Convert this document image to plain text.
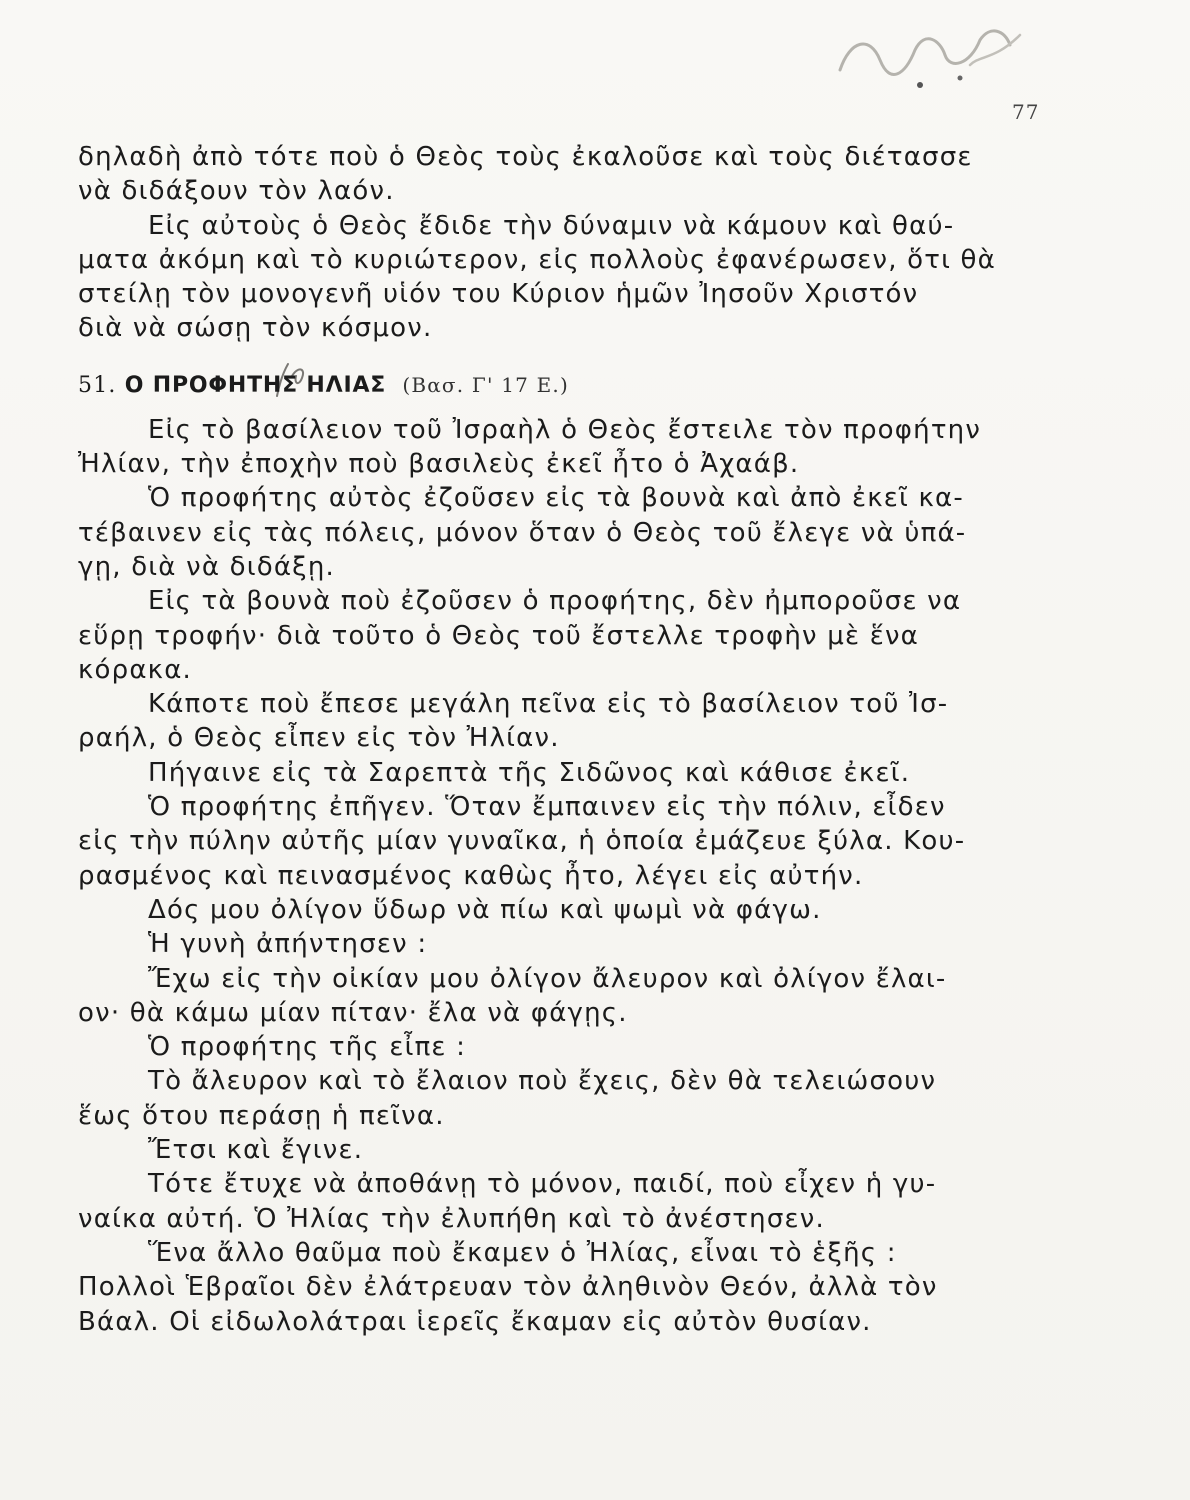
77
δηλαδὴ ἀπὸ τότε ποὺ ὁ Θεὸς τοὺς ἐκαλοῦσε καὶ τοὺς διέτασσε
νὰ διδάξουν τὸν λαόν.
Εἰς αὐτοὺς ὁ Θεὸς ἔδιδε τὴν δύναμιν νὰ κάμουν καὶ θαύ-
ματα ἀκόμη καὶ τὸ κυριώτερον, εἰς πολλοὺς ἐφανέρωσεν, ὅτι θὰ
στείλῃ τὸν μονογενῆ υἱόν του Κύριον ἡμῶν Ἰησοῦν Χριστόν
διὰ νὰ σώσῃ τὸν κόσμον.
51. Ο ΠΡΟΦΗΤΗΣ ΗΛΙΑΣ (Βασ. Γ' 17 Ε.)
Εἰς τὸ βασίλειον τοῦ Ἰσραὴλ ὁ Θεὸς ἔστειλε τὸν προφήτην
Ἠλίαν, τὴν ἐποχὴν ποὺ βασιλεὺς ἐκεῖ ἦτο ὁ Ἀχαάβ.
Ὁ προφήτης αὐτὸς ἐζοῦσεν εἰς τὰ βουνὰ καὶ ἀπὸ ἐκεῖ κα-
τέβαινεν εἰς τὰς πόλεις, μόνον ὅταν ὁ Θεὸς τοῦ ἔλεγε νὰ ὑπά-
γῃ, διὰ νὰ διδάξῃ.
Εἰς τὰ βουνὰ ποὺ ἐζοῦσεν ὁ προφήτης, δὲν ἠμποροῦσε να
εὕρῃ τροφήν· διὰ τοῦτο ὁ Θεὸς τοῦ ἔστελλε τροφὴν μὲ ἕνα
κόρακα.
Κάποτε ποὺ ἔπεσε μεγάλη πεῖνα εἰς τὸ βασίλειον τοῦ Ἰσ-
ραήλ, ὁ Θεὸς εἶπεν εἰς τὸν Ἠλίαν.
Πήγαινε εἰς τὰ Σαρεπτὰ τῆς Σιδῶνος καὶ κάθισε ἐκεῖ.
Ὁ προφήτης ἐπῆγεν. Ὅταν ἔμπαινεν εἰς τὴν πόλιν, εἶδεν
εἰς τὴν πύλην αὐτῆς μίαν γυναῖκα, ἡ ὁποία ἐμάζευε ξύλα. Κου-
ρασμένος καὶ πεινασμένος καθὼς ἦτο, λέγει εἰς αὐτήν.
Δός μου ὀλίγον ὕδωρ νὰ πίω καὶ ψωμὶ νὰ φάγω.
Ἡ γυνὴ ἀπήντησεν :
Ἔχω εἰς τὴν οἰκίαν μου ὀλίγον ἄλευρον καὶ ὀλίγον ἔλαι-
ον· θὰ κάμω μίαν πίταν· ἔλα νὰ φάγῃς.
Ὁ προφήτης τῆς εἶπε :
Τὸ ἄλευρον καὶ τὸ ἔλαιον ποὺ ἔχεις, δὲν θὰ τελειώσουν
ἕως ὅτου περάσῃ ἡ πεῖνα.
Ἔτσι καὶ ἔγινε.
Τότε ἔτυχε νὰ ἀποθάνῃ τὸ μόνον, παιδί, ποὺ εἶχεν ἡ γυ-
ναίκα αὐτή. Ὁ Ἠλίας τὴν ἐλυπήθη καὶ τὸ ἀνέστησεν.
Ἕνα ἄλλο θαῦμα ποὺ ἔκαμεν ὁ Ἠλίας, εἶναι τὸ ἑξῆς :
Πολλοὶ Ἑβραῖοι δὲν ἐλάτρευαν τὸν ἀληθινὸν Θεόν, ἀλλὰ τὸν
Βάαλ. Οἱ εἰδωλολάτραι ἱερεῖς ἔκαμαν εἰς αὐτὸν θυσίαν.
